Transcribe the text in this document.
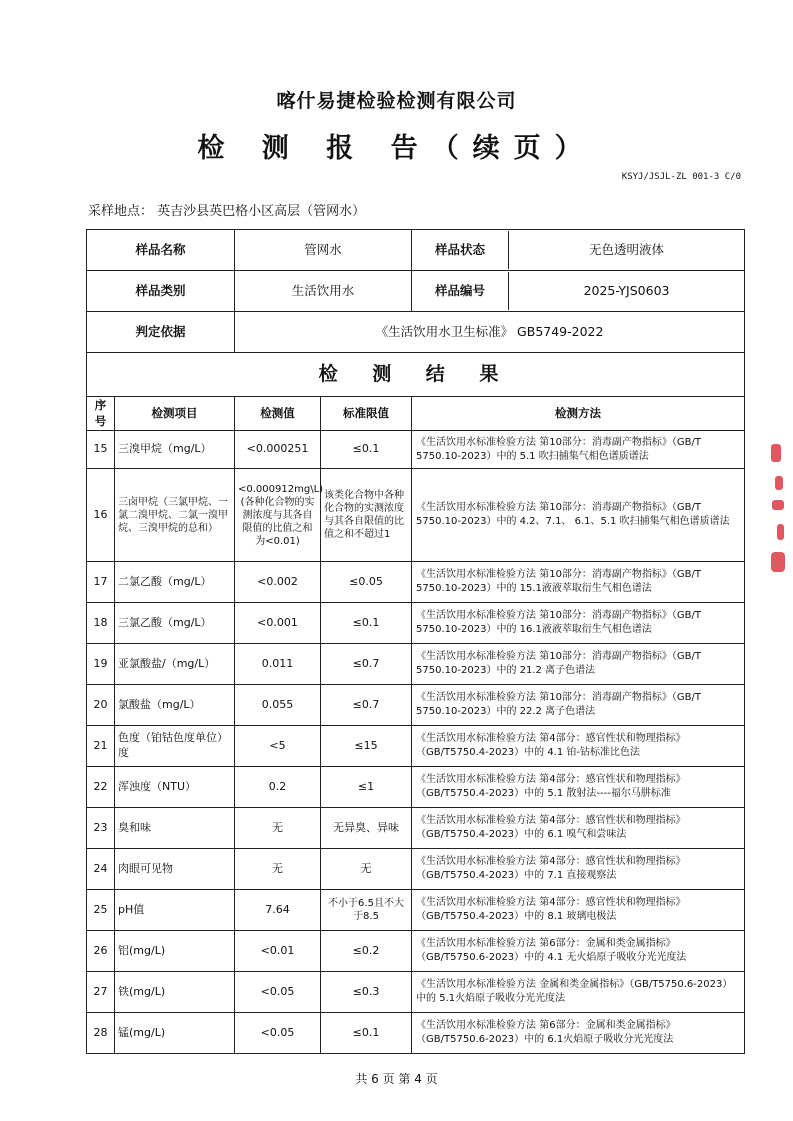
喀什易捷检验检测有限公司
检 测 报 告（续页）
KSYJ/JSJL-ZL 001-3 C/0
采样地点： 英吉沙县英巴格小区高层（管网水）
样品名称		管网水		样品状态 无色透明液体

样品类别		生活饮用水		样品编号 2025-YJS0603

判定依据		《生活饮用水卫生标准》 GB5749-2022		
检 测 结 果				
序号	检测项目	检测值	标准限值	检测方法
15	三溴甲烷（mg/L）	<0.000251	≤0.1	《生活饮用水标准检验方法 第10部分：消毒副产物指标》（GB/T 5750.10-2023）中的 5.1 吹扫捕集气相色谱质谱法
16	三卤甲烷（三氯甲烷、一氯二溴甲烷、二氯一溴甲烷、三溴甲烷的总和）	<0.000912mg\L)(各种化合物的实测浓度与其各自限值的比值之和为<0.01)	该类化合物中各种化合物的实测浓度与其各自限值的比值之和不超过1	《生活饮用水标准检验方法 第10部分：消毒副产物指标》（GB/T 5750.10-2023）中的 4.2、7.1、 6.1、5.1 吹扫捕集气相色谱质谱法
17	二氯乙酸（mg/L）	<0.002	≤0.05	《生活饮用水标准检验方法 第10部分：消毒副产物指标》（GB/T 5750.10-2023）中的 15.1液液萃取衍生气相色谱法
18	三氯乙酸（mg/L）	<0.001	≤0.1	《生活饮用水标准检验方法 第10部分：消毒副产物指标》（GB/T 5750.10-2023）中的 16.1液液萃取衍生气相色谱法
19	亚氯酸盐/（mg/L）	0.011	≤0.7	《生活饮用水标准检验方法 第10部分：消毒副产物指标》（GB/T 5750.10-2023）中的 21.2 离子色谱法
20	氯酸盐（mg/L）	0.055	≤0.7	《生活饮用水标准检验方法 第10部分：消毒副产物指标》（GB/T 5750.10-2023）中的 22.2 离子色谱法
21	色度（铂钴色度单位）度	<5	≤15	《生活饮用水标准检验方法 第4部分：感官性状和物理指标》（GB/T5750.4-2023）中的 4.1 铂-钴标准比色法
22	浑浊度（NTU）	0.2	≤1	《生活饮用水标准检验方法 第4部分：感官性状和物理指标》（GB/T5750.4-2023）中的 5.1 散射法----福尔马肼标准
23	臭和味	无	无异臭、异味	《生活饮用水标准检验方法 第4部分：感官性状和物理指标》（GB/T5750.4-2023）中的 6.1 嗅气和尝味法
24	肉眼可见物	无	无	《生活饮用水标准检验方法 第4部分：感官性状和物理指标》（GB/T5750.4-2023）中的 7.1 直接观察法
25	pH值	7.64	不小于6.5且不大于8.5	《生活饮用水标准检验方法 第4部分：感官性状和物理指标》（GB/T5750.4-2023）中的 8.1 玻璃电极法
26	铝(mg/L)	<0.01	≤0.2	《生活饮用水标准检验方法 第6部分：金属和类金属指标》（GB/T5750.6-2023）中的 4.1 无火焰原子吸收分光光度法
27	铁(mg/L)	<0.05	≤0.3	《生活饮用水标准检验方法 金属和类金属指标》（GB/T5750.6-2023）中的 5.1火焰原子吸收分光光度法
28	锰(mg/L)	<0.05	≤0.1	《生活饮用水标准检验方法 第6部分：金属和类金属指标》（GB/T5750.6-2023）中的 6.1火焰原子吸收分光光度法
共 6 页 第 4 页
